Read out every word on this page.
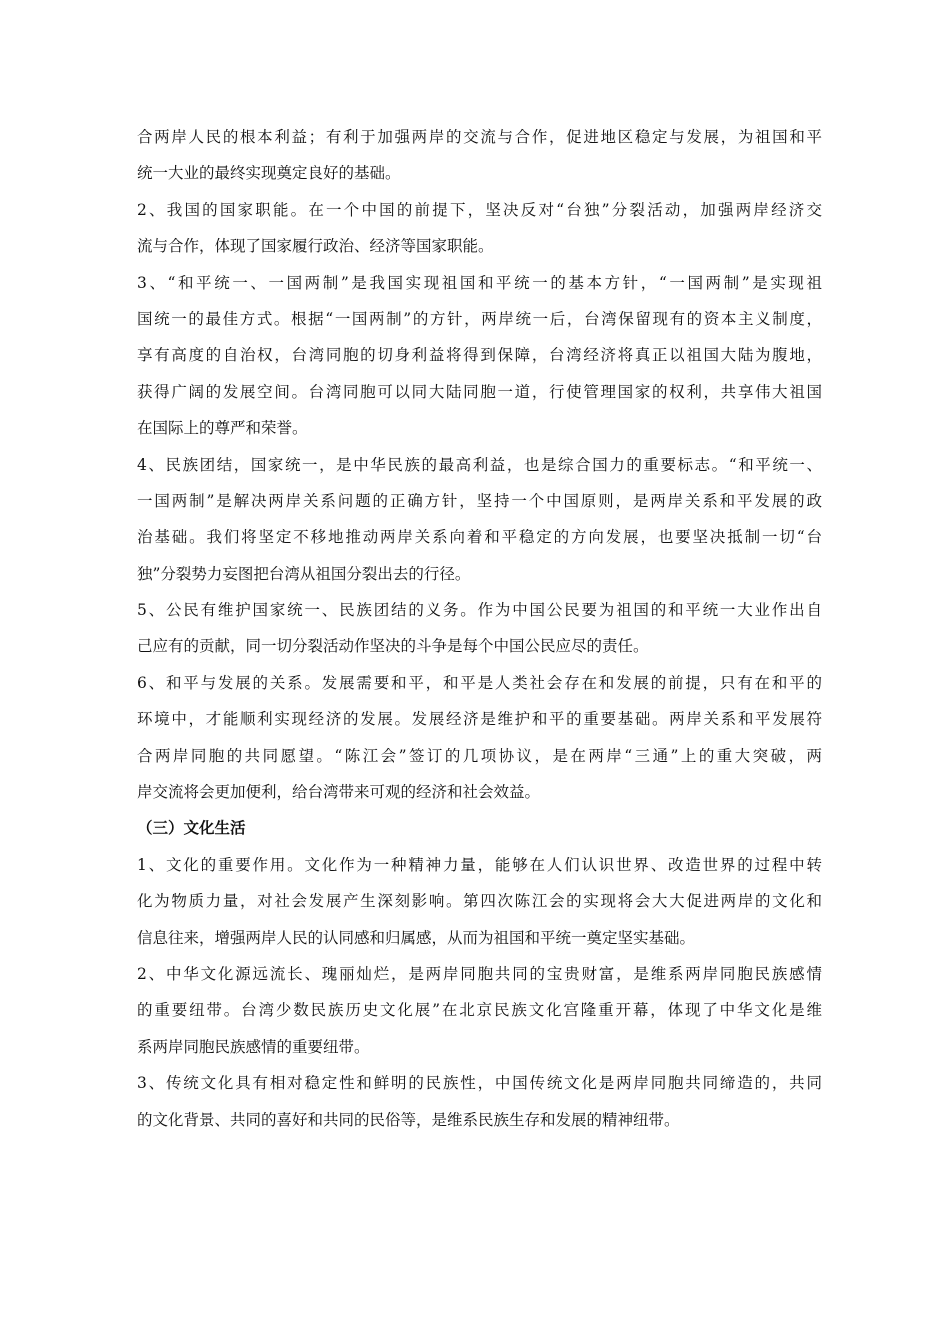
合两岸人民的根本利益；有利于加强两岸的交流与合作，促进地区稳定与发展，为祖国和平
统一大业的最终实现奠定良好的基础。
2、我国的国家职能。在一个中国的前提下，坚决反对“台独”分裂活动，加强两岸经济交
流与合作，体现了国家履行政治、经济等国家职能。
3、“和平统一、一国两制”是我国实现祖国和平统一的基本方针，“一国两制”是实现祖
国统一的最佳方式。根据“一国两制”的方针，两岸统一后，台湾保留现有的资本主义制度，
享有高度的自治权，台湾同胞的切身利益将得到保障，台湾经济将真正以祖国大陆为腹地，
获得广阔的发展空间。台湾同胞可以同大陆同胞一道，行使管理国家的权利，共享伟大祖国
在国际上的尊严和荣誉。
4、民族团结，国家统一，是中华民族的最高利益，也是综合国力的重要标志。“和平统一、
一国两制”是解决两岸关系问题的正确方针，坚持一个中国原则，是两岸关系和平发展的政
治基础。我们将坚定不移地推动两岸关系向着和平稳定的方向发展，也要坚决抵制一切“台
独”分裂势力妄图把台湾从祖国分裂出去的行径。
5、公民有维护国家统一、民族团结的义务。作为中国公民要为祖国的和平统一大业作出自
己应有的贡献，同一切分裂活动作坚决的斗争是每个中国公民应尽的责任。
6、和平与发展的关系。发展需要和平，和平是人类社会存在和发展的前提，只有在和平的
环境中，才能顺利实现经济的发展。发展经济是维护和平的重要基础。两岸关系和平发展符
合两岸同胞的共同愿望。“陈江会”签订的几项协议，是在两岸“三通”上的重大突破，两
岸交流将会更加便利，给台湾带来可观的经济和社会效益。
（三）文化生活
1、文化的重要作用。文化作为一种精神力量，能够在人们认识世界、改造世界的过程中转
化为物质力量，对社会发展产生深刻影响。第四次陈江会的实现将会大大促进两岸的文化和
信息往来，增强两岸人民的认同感和归属感，从而为祖国和平统一奠定坚实基础。
2、中华文化源远流长、瑰丽灿烂，是两岸同胞共同的宝贵财富，是维系两岸同胞民族感情
的重要纽带。台湾少数民族历史文化展”在北京民族文化宫隆重开幕，体现了中华文化是维
系两岸同胞民族感情的重要纽带。
3、传统文化具有相对稳定性和鲜明的民族性，中国传统文化是两岸同胞共同缔造的，共同
的文化背景、共同的喜好和共同的民俗等，是维系民族生存和发展的精神纽带。
